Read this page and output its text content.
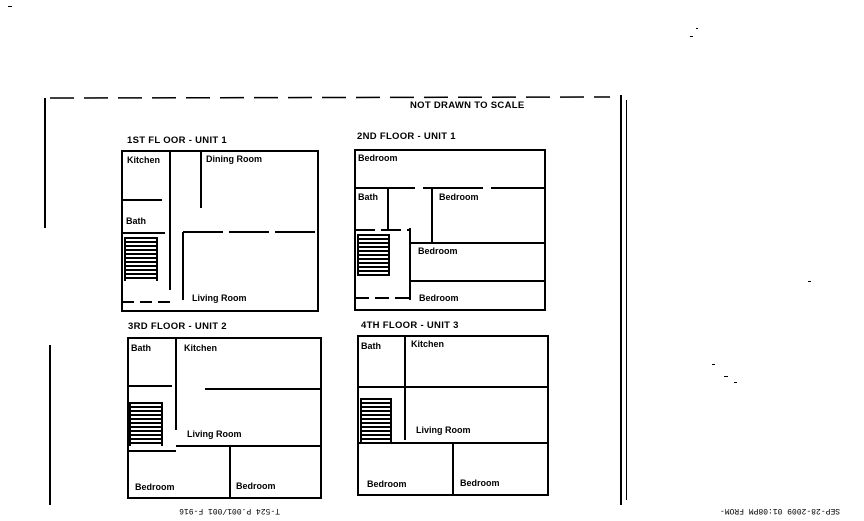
NOT DRAWN TO SCALE
1ST FL OOR - UNIT 1	2ND FLOOR - UNIT 1
3RD FLOOR - UNIT 2	4TH FLOOR - UNIT 3
Kitchen	Dining Room
Bath
Living Room
Bedroom
Bath	Bedroom
Bedroom
Bedroom
Bath	Kitchen
Living Room
Bedroom	Bedroom
Bath	Kitchen
Living Room
Bedroom	Bedroom
T-524 P.001/001 F-916	SEP-28-2009 01:08PM FROM-
